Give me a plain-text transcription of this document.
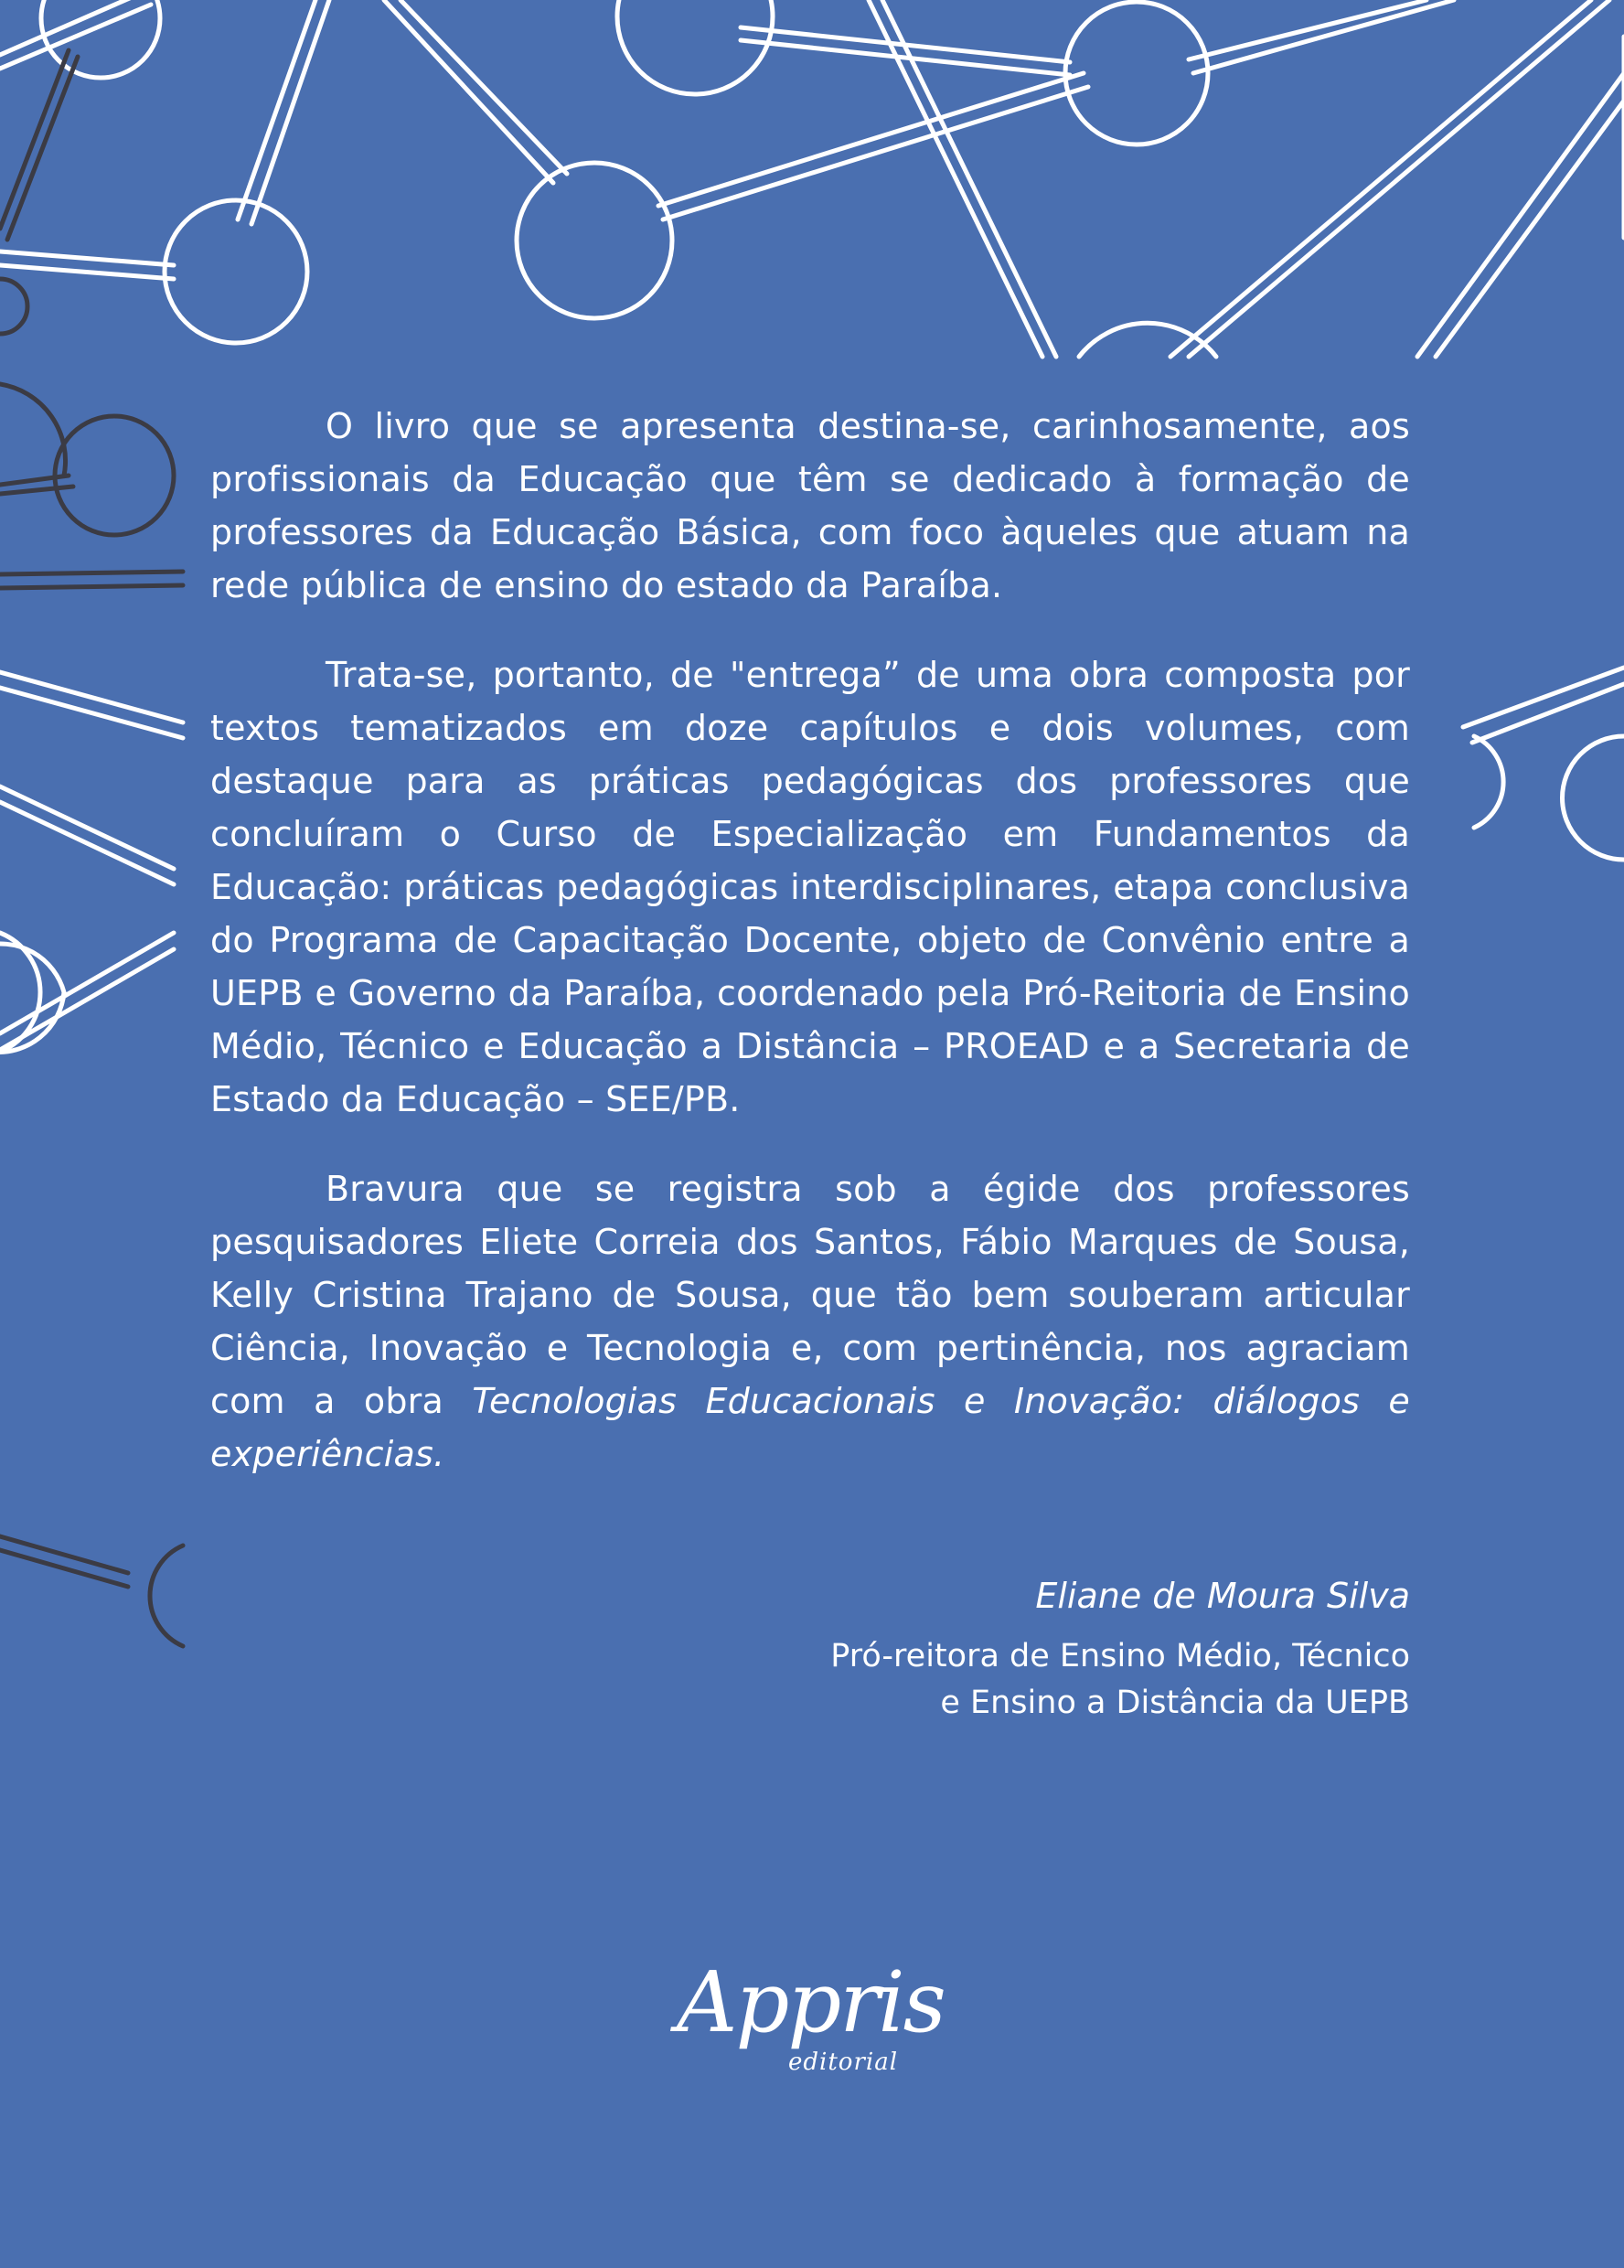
O livro que se apresenta destina-se, carinhosamente, aos profissionais da Educação que têm se dedicado à formação de professores da Educação Básica, com foco àqueles que atuam na rede pública de ensino do estado da Paraíba.

Trata-se, portanto, de "entrega” de uma obra composta por textos tematizados em doze capítulos e dois volumes, com destaque para as práticas pedagógicas dos professores que concluíram o Curso de Especialização em Fundamentos da Educação: práticas pedagógicas interdisciplinares, etapa conclusiva do Programa de Capacitação Docente, objeto de Convênio entre a UEPB e Governo da Paraíba, coordenado pela Pró-Reitoria de Ensino Médio, Técnico e Educação a Distância – PROEAD e a Secretaria de Estado da Educação – SEE/PB.

Bravura que se registra sob a égide dos professores pesquisadores Eliete Correia dos Santos, Fábio Marques de Sousa, Kelly Cristina Trajano de Sousa, que tão bem souberam articular Ciência, Inovação e Tecnologia e, com pertinência, nos agraciam com a obra Tecnologias Educacionais e Inovação: diálogos e experiências.

Eliane de Moura Silva
Pró-reitora de Ensino Médio, Técnico
e Ensino a Distância da UEPB
Appris
editorial
